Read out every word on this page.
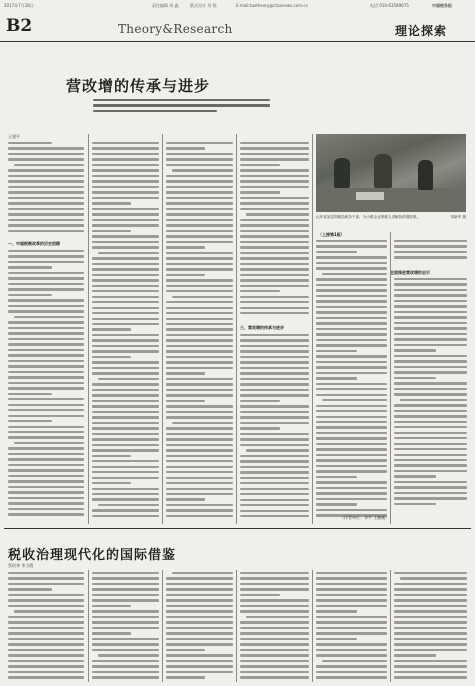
2017年7月28日	责任编辑 周 鑫	版式设计 刘 翔	E-mail:taxtheory@ctaxnews.com.cn	电话:010-63589675	中国税务报
B2	Theory&Research	理论探索
营改增的传承与进步
王建平
一、中国税制改革的历史回顾
三、营改增的传承与进步
（上接第1版）
全面推进营改增的启示
山东省某县国税局税务干部，为小微企业纳税人讲解营改增政策。	刘新军 摄
（作者单位：李平 王鹏鹏）
税收治理现代化的国际借鉴
蔡培华 李卫霞
